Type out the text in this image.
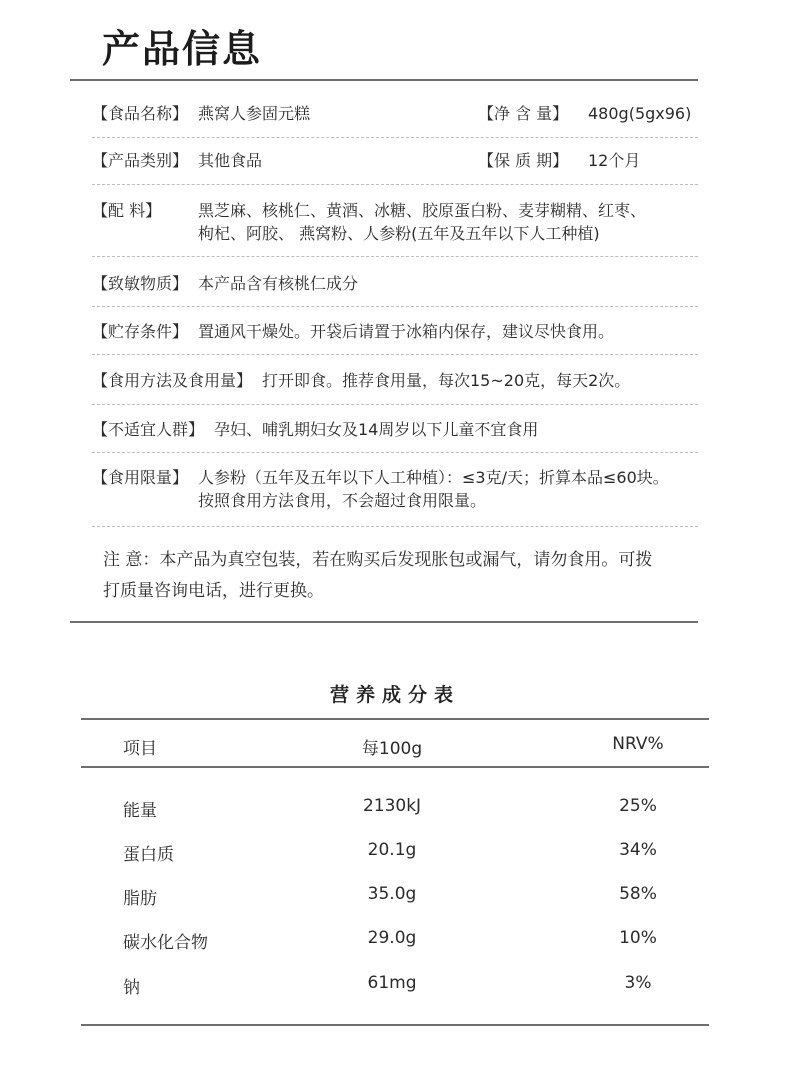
产品信息
【食品名称】 燕窝人参固元糕	【净 含 量】 480g(5gx96)
【产品类别】 其他食品	【保 质 期】 12个月
【配 料】 黑芝麻、核桃仁、黄酒、冰糖、胶原蛋白粉、麦芽糊精、红枣、
枸杞、阿胶、 燕窝粉、人参粉(五年及五年以下人工种植)
【致敏物质】 本产品含有核桃仁成分
【贮存条件】 置通风干燥处。开袋后请置于冰箱内保存，建议尽快食用。
【食用方法及食用量】 打开即食。推荐食用量，每次15~20克，每天2次。
【不适宜人群】 孕妇、哺乳期妇女及14周岁以下儿童不宜食用
【食用限量】 人参粉（五年及五年以下人工种植）：≤3克/天；折算本品≤60块。
按照食用方法食用，不会超过食用限量。
注 意：本产品为真空包装，若在购买后发现胀包或漏气，请勿食用。可拨
打质量咨询电话，进行更换。
营养成分表
项目	每100g	NRV%
能量	2130kJ	25%
蛋白质	20.1g	34%
脂肪	35.0g	58%
碳水化合物	29.0g	10%
钠	61mg	3%
